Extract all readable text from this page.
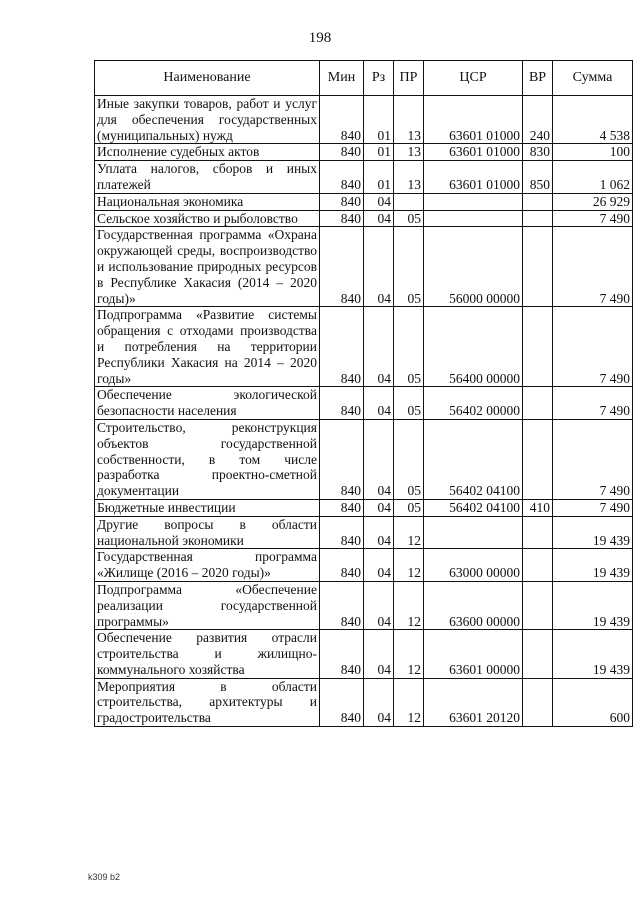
198
Наименование	Мин	Рз	ПР	ЦСР	ВР	Сумма
Иные закупки товаров, работ и услуг для обеспечения государственных (муниципальных) нужд	840	01	13	63601 01000	240	4 538
Исполнение судебных актов	840	01	13	63601 01000	830	100
Уплата налогов, сборов и иных платежей	840	01	13	63601 01000	850	1 062
Национальная экономика	840	04				26 929
Сельское хозяйство и рыболовство	840	04	05			7 490
Государственная программа «Охрана окружающей среды, воспроизводство и использование природных ресурсов в Республике Хакасия (2014 – 2020 годы)»	840	04	05	56000 00000		7 490
Подпрограмма «Развитие системы обращения с отходами производства и потребления на территории Республики Хакасия на 2014 – 2020 годы»	840	04	05	56400 00000		7 490
Обеспечение экологической безопасности населения	840	04	05	56402 00000		7 490
Строительство, реконструкция объектов государственной собственности, в том числе разработка проектно-сметной документации	840	04	05	56402 04100		7 490
Бюджетные инвестиции	840	04	05	56402 04100	410	7 490
Другие вопросы в области национальной экономики	840	04	12			19 439
Государственная программа «Жилище (2016 – 2020 годы)»	840	04	12	63000 00000		19 439
Подпрограмма «Обеспечение реализации государственной программы»	840	04	12	63600 00000		19 439
Обеспечение развития отрасли строительства и жилищно-коммунального хозяйства	840	04	12	63601 00000		19 439
Мероприятия в области строительства, архитектуры и градостроительства	840	04	12	63601 20120		600
k309 b2
